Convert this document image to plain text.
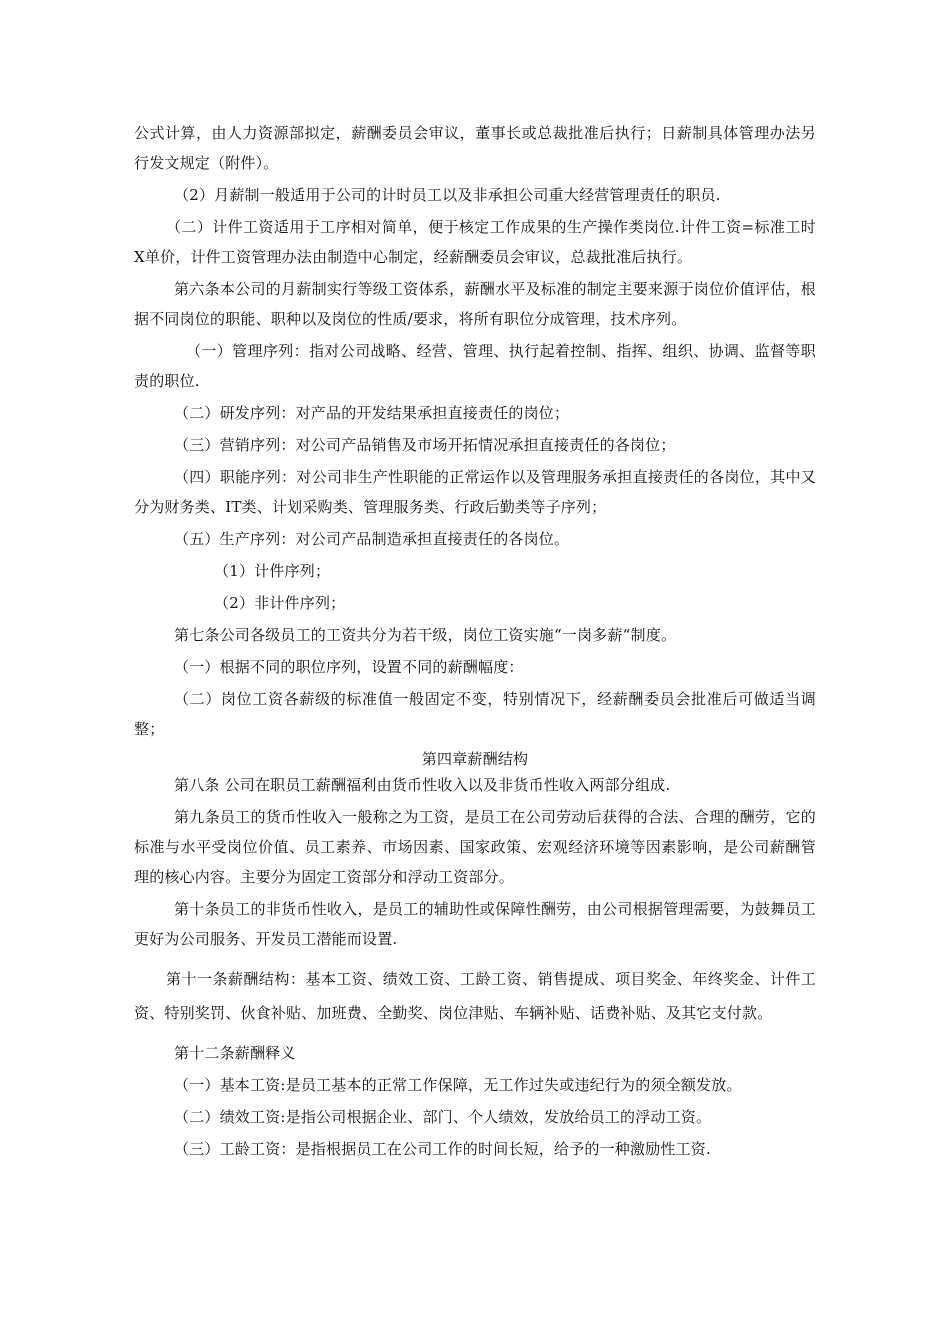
公式计算，由人力资源部拟定，薪酬委员会审议，董事长或总裁批准后执行；日薪制具体管理办法另行发文规定（附件）。

（2）月薪制一般适用于公司的计时员工以及非承担公司重大经营管理责任的职员.

（二）计件工资适用于工序相对简单，便于核定工作成果的生产操作类岗位.计件工资=标准工时X单价，计件工资管理办法由制造中心制定，经薪酬委员会审议，总裁批准后执行。

第六条本公司的月薪制实行等级工资体系，薪酬水平及标准的制定主要来源于岗位价值评估，根据不同岗位的职能、职种以及岗位的性质/要求，将所有职位分成管理，技术序列。

（一）管理序列：指对公司战略、经营、管理、执行起着控制、指挥、组织、协调、监督等职责的职位.

（二）研发序列：对产品的开发结果承担直接责任的岗位；

（三）营销序列：对公司产品销售及市场开拓情况承担直接责任的各岗位；

（四）职能序列：对公司非生产性职能的正常运作以及管理服务承担直接责任的各岗位，其中又分为财务类、IT类、计划采购类、管理服务类、行政后勤类等子序列；

（五）生产序列：对公司产品制造承担直接责任的各岗位。

（1）计件序列；

（2）非计件序列；

第七条公司各级员工的工资共分为若干级，岗位工资实施“一岗多薪“制度。

（一）根据不同的职位序列，设置不同的薪酬幅度：

（二）岗位工资各薪级的标准值一般固定不变，特别情况下，经薪酬委员会批准后可做适当调整；

第四章薪酬结构

第八条 公司在职员工薪酬福利由货币性收入以及非货币性收入两部分组成.

第九条员工的货币性收入一般称之为工资，是员工在公司劳动后获得的合法、合理的酬劳，它的标准与水平受岗位价值、员工素养、市场因素、国家政策、宏观经济环境等因素影响，是公司薪酬管理的核心内容。主要分为固定工资部分和浮动工资部分。

第十条员工的非货币性收入，是员工的辅助性或保障性酬劳，由公司根据管理需要，为鼓舞员工更好为公司服务、开发员工潜能而设置.

第十一条薪酬结构：基本工资、绩效工资、工龄工资、销售提成、项目奖金、年终奖金、计件工资、特别奖罚、伙食补贴、加班费、全勤奖、岗位津贴、车辆补贴、话费补贴、及其它支付款。

第十二条薪酬释义

（一）基本工资:是员工基本的正常工作保障，无工作过失或违纪行为的须全额发放。

（二）绩效工资:是指公司根据企业、部门、个人绩效，发放给员工的浮动工资。

（三）工龄工资：是指根据员工在公司工作的时间长短，给予的一种激励性工资.
